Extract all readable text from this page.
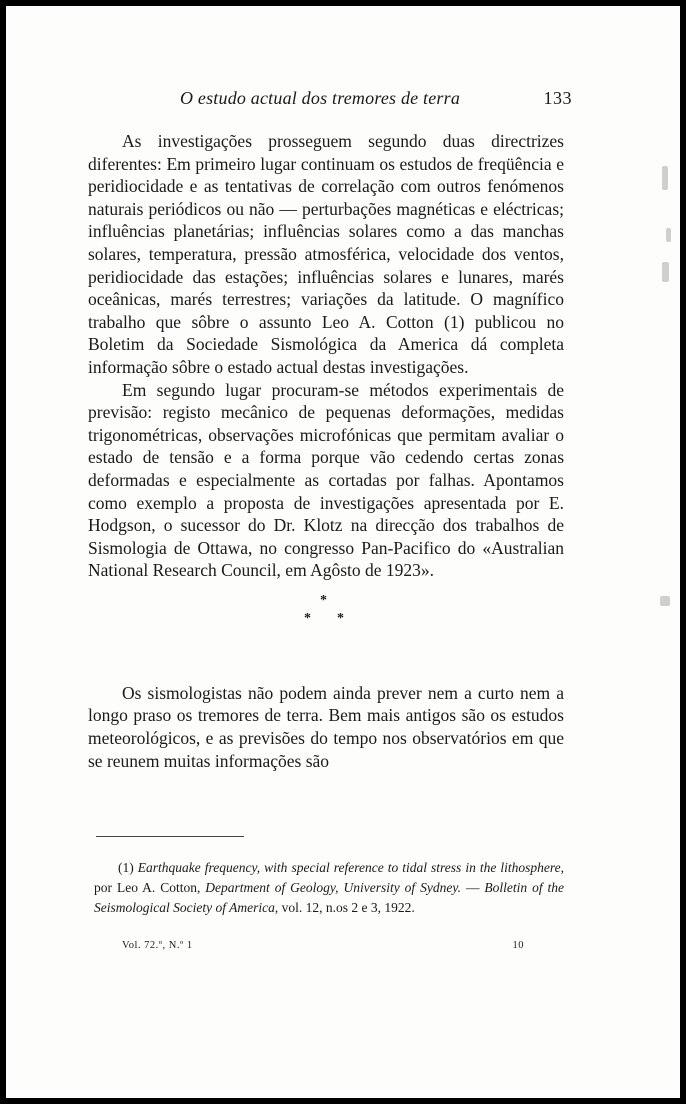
O estudo actual dos tremores de terra	133

As investigações prosseguem segundo duas directrizes diferentes: Em primeiro lugar continuam os estudos de freqüência e peridiocidade e as tentativas de correlação com outros fenómenos naturais periódicos ou não — perturbações magnéticas e eléctricas; influências planetárias; influências solares como a das manchas solares, temperatura, pressão atmosférica, velocidade dos ventos, peridiocidade das estações; influências solares e lunares, marés oceânicas, marés terrestres; variações da latitude. O magnífico trabalho que sôbre o assunto Leo A. Cotton (1) publicou no Boletim da Sociedade Sismológica da America dá completa informação sôbre o estado actual destas investigações.

Em segundo lugar procuram-se métodos experimentais de previsão: registo mecânico de pequenas deformações, medidas trigonométricas, observações microfónicas que permitam avaliar o estado de tensão e a forma porque vão cedendo certas zonas deformadas e especialmente as cortadas por falhas. Apontamos como exemplo a proposta de investigações apresentada por E. Hodgson, o sucessor do Dr. Klotz na direcção dos trabalhos de Sismologia de Ottawa, no congresso Pan-Pacifico do «Australian National Research Council, em Agôsto de 1923».

*
* *

Os sismologistas não podem ainda prever nem a curto nem a longo praso os tremores de terra. Bem mais antigos são os estudos meteorológicos, e as previsões do tempo nos observatórios em que se reunem muitas informações são

(1) Earthquake frequency, with special reference to tidal stress in the lithosphere, por Leo A. Cotton, Department of Geology, University of Sydney. — Bolletin of the Seismological Society of America, vol. 12, n.os 2 e 3, 1922.
Vol. 72.º, N.º 1	10
